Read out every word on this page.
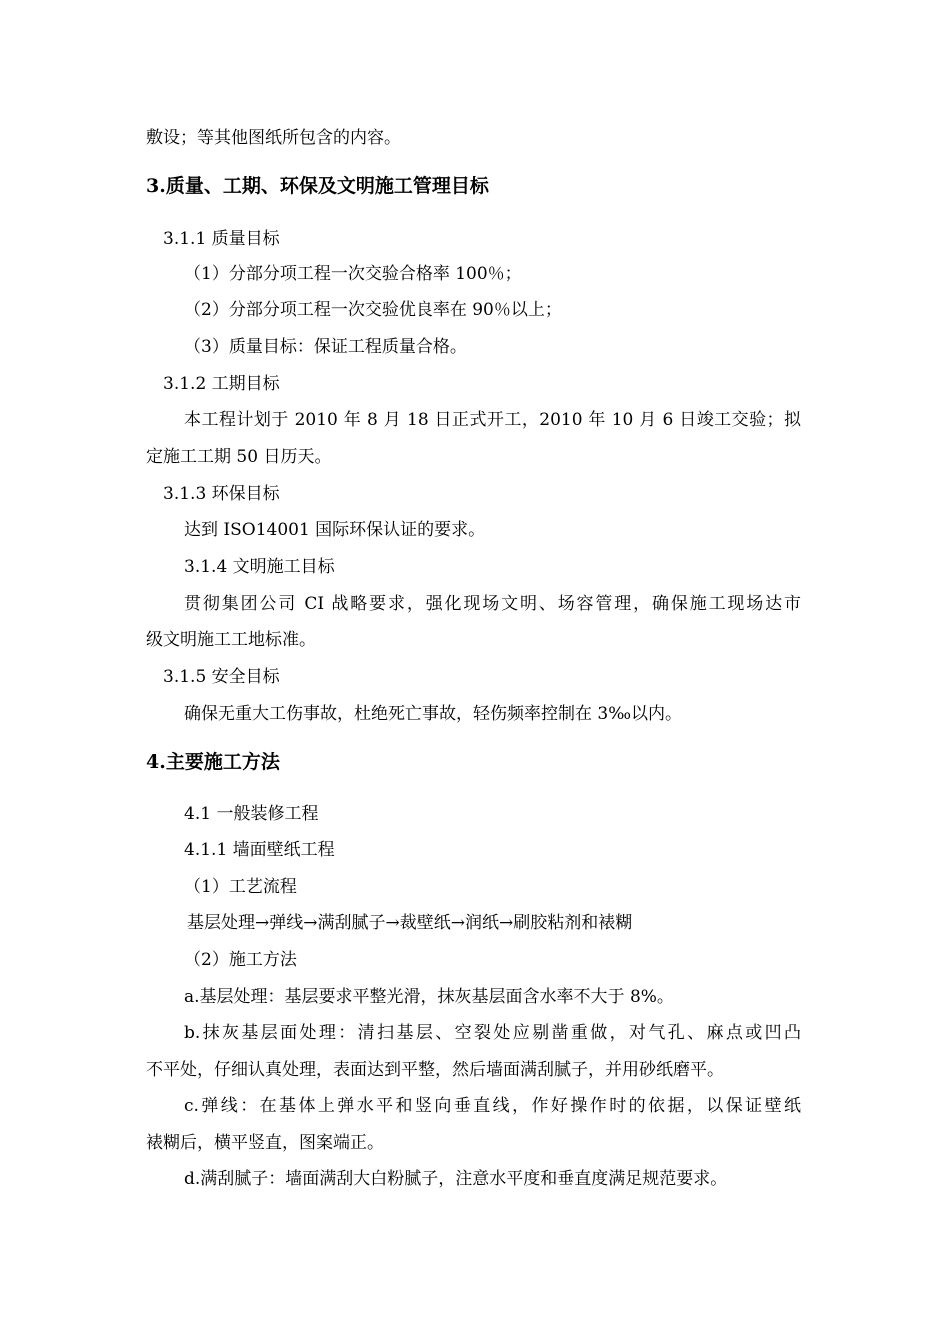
敷设；等其他图纸所包含的内容。
3.质量、工期、环保及文明施工管理目标
3.1.1 质量目标
（1）分部分项工程一次交验合格率 100％；
（2）分部分项工程一次交验优良率在 90％以上；
（3）质量目标：保证工程质量合格。
3.1.2 工期目标
本工程计划于 2010 年 8 月 18 日正式开工，2010 年 10 月 6 日竣工交验；拟
定施工工期 50 日历天。
3.1.3 环保目标
达到 ISO14001 国际环保认证的要求。
3.1.4 文明施工目标
贯彻集团公司 CI 战略要求，强化现场文明、场容管理，确保施工现场达市
级文明施工工地标准。
3.1.5 安全目标
确保无重大工伤事故，杜绝死亡事故，轻伤频率控制在 3‰以内。
4.主要施工方法
4.1 一般装修工程
4.1.1 墙面壁纸工程
（1）工艺流程
基层处理→弹线→满刮腻子→裁壁纸→润纸→刷胶粘剂和裱糊
（2）施工方法
a.基层处理：基层要求平整光滑，抹灰基层面含水率不大于 8%。
b.抹灰基层面处理：清扫基层、空裂处应剔凿重做，对气孔、麻点或凹凸
不平处，仔细认真处理，表面达到平整，然后墙面满刮腻子，并用砂纸磨平。
c.弹线：在基体上弹水平和竖向垂直线，作好操作时的依据，以保证壁纸
裱糊后，横平竖直，图案端正。
d.满刮腻子：墙面满刮大白粉腻子，注意水平度和垂直度满足规范要求。
